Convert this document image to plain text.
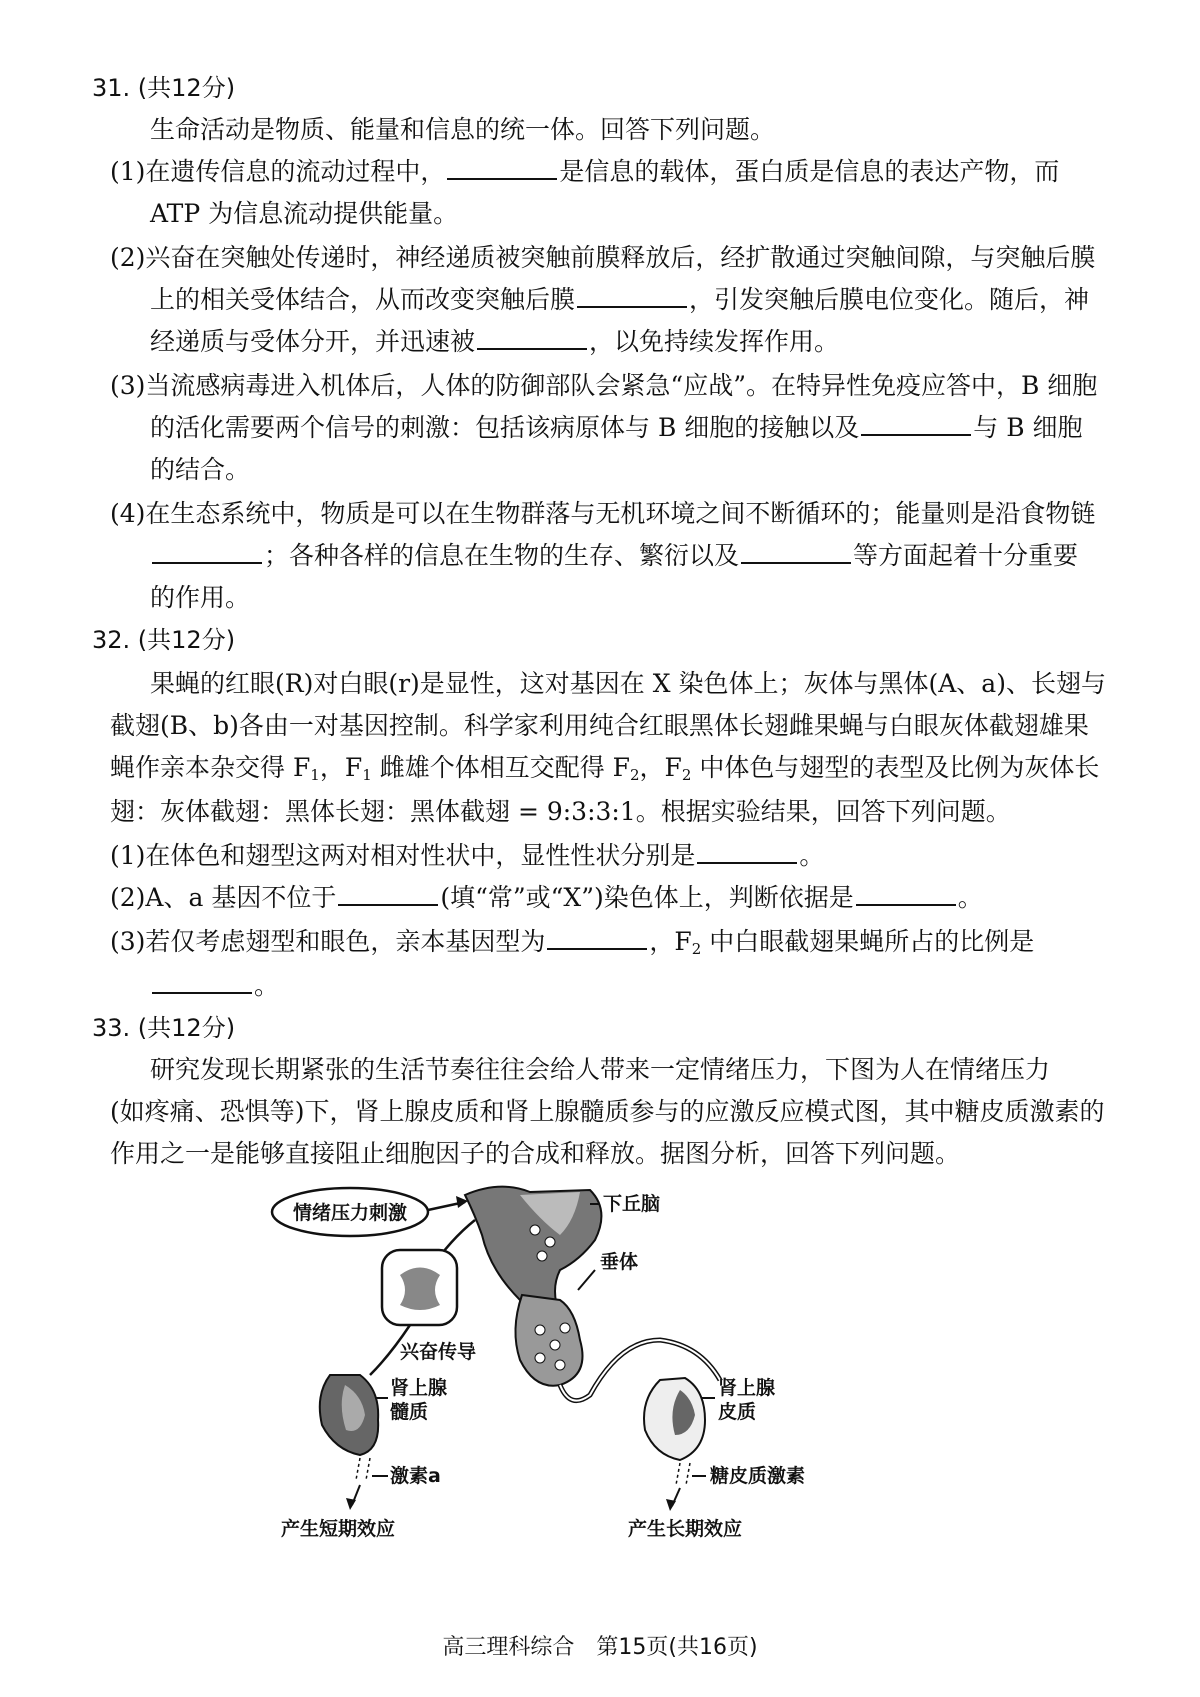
31. (共12分)
生命活动是物质、能量和信息的统一体。回答下列问题。
(1)在遗传信息的流动过程中，	是信息的载体，蛋白质是信息的表达产物，而
ATP 为信息流动提供能量。
(2)兴奋在突触处传递时，神经递质被突触前膜释放后，经扩散通过突触间隙，与突触后膜
上的相关受体结合，从而改变突触后膜	，引发突触后膜电位变化。随后，神
经递质与受体分开，并迅速被	，以免持续发挥作用。
(3)当流感病毒进入机体后，人体的防御部队会紧急“应战”。在特异性免疫应答中，B 细胞
的活化需要两个信号的刺激：包括该病原体与 B 细胞的接触以及	与 B 细胞
的结合。
(4)在生态系统中，物质是可以在生物群落与无机环境之间不断循环的；能量则是沿食物链
；各种各样的信息在生物的生存、繁衍以及	等方面起着十分重要
的作用。
32. (共12分)
果蝇的红眼(R)对白眼(r)是显性，这对基因在 X 染色体上；灰体与黑体(A、a)、长翅与
截翅(B、b)各由一对基因控制。科学家利用纯合红眼黑体长翅雌果蝇与白眼灰体截翅雄果
蝇作亲本杂交得 $F_1$，$F_1$ 雌雄个体相互交配得 $F_2$，$F_2$ 中体色与翅型的表型及比例为灰体长
翅：灰体截翅：黑体长翅：黑体截翅 = 9:3:3:1。根据实验结果，回答下列问题。
(1)在体色和翅型这两对相对性状中，显性性状分别是	。
(2)A、a 基因不位于	(填“常”或“X”)染色体上，判断依据是	。
(3)若仅考虑翅型和眼色，亲本基因型为	，$F_2$ 中白眼截翅果蝇所占的比例是
。
33. (共12分)
研究发现长期紧张的生活节奏往往会给人带来一定情绪压力，下图为人在情绪压力
(如疼痛、恐惧等)下，肾上腺皮质和肾上腺髓质参与的应激反应模式图，其中糖皮质激素的
作用之一是能够直接阻止细胞因子的合成和释放。据图分析，回答下列问题。
情绪压力刺激	下丘脑
垂体
兴奋传导
肾上腺
髓质
激素a
产生短期效应
肾上腺
皮质
糖皮质激素
产生长期效应
高三理科综合　第15页(共16页)
